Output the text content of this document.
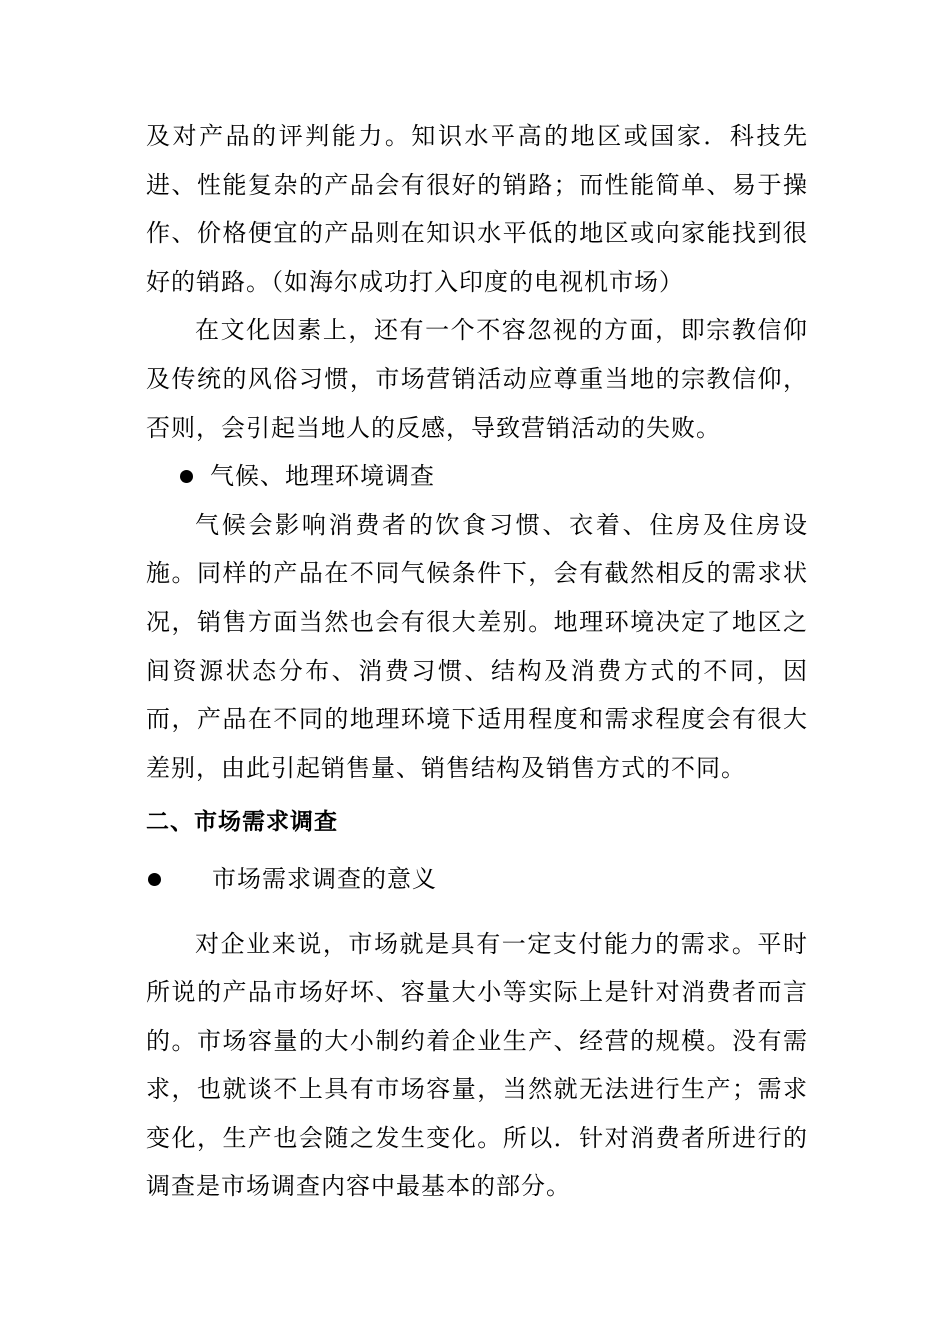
及对产品的评判能力。知识水平高的地区或国家．科技先进、性能复杂的产品会有很好的销路；而性能简单、易于操作、价格便宜的产品则在知识水平低的地区或向家能找到很好的销路。（如海尔成功打入印度的电视机市场）

在文化因素上，还有一个不容忽视的方面，即宗教信仰及传统的风俗习惯，市场营销活动应尊重当地的宗教信仰，否则，会引起当地人的反感，导致营销活动的失败。

气候、地理环境调查

气候会影响消费者的饮食习惯、衣着、住房及住房设施。同样的产品在不同气候条件下，会有截然相反的需求状况，销售方面当然也会有很大差别。地理环境决定了地区之间资源状态分布、消费习惯、结构及消费方式的不同，因而，产品在不同的地理环境下适用程度和需求程度会有很大差别，由此引起销售量、销售结构及销售方式的不同。

二、市场需求调查
市场需求调查的意义

对企业来说，市场就是具有一定支付能力的需求。平时所说的产品市场好坏、容量大小等实际上是针对消费者而言的。市场容量的大小制约着企业生产、经营的规模。没有需求，也就谈不上具有市场容量，当然就无法进行生产；需求变化，生产也会随之发生变化。所以．针对消费者所进行的调查是市场调查内容中最基本的部分。
